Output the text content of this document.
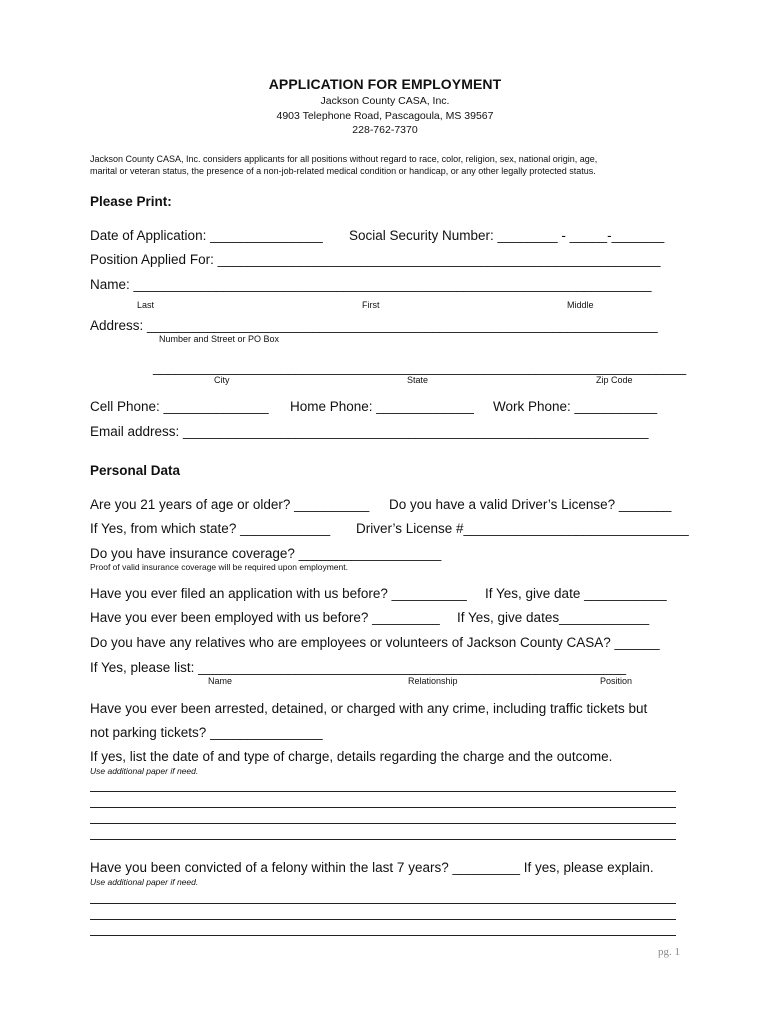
APPLICATION FOR EMPLOYMENT
Jackson County CASA, Inc.
4903 Telephone Road, Pascagoula, MS 39567
228-762-7370
Jackson County CASA, Inc. considers applicants for all positions without regard to race, color, religion, sex, national origin, age,
marital or veteran status, the presence of a non-job-related medical condition or handicap, or any other legally protected status.
Please Print:
Date of Application: _______________ Social Security Number: ________ - _____-_______
Position Applied For: ___________________________________________________________
Name: _____________________________________________________________________
Last	First	Middle
Address: ____________________________________________________________________
Number and Street or PO Box
_______________________________________________________________________
City	State	Zip Code
Cell Phone: ______________ Home Phone: _____________ Work Phone: ___________
Email address: ______________________________________________________________
Personal Data
Are you 21 years of age or older? __________ Do you have a valid Driver’s License? _______
If Yes, from which state? ____________ Driver’s License #______________________________
Do you have insurance coverage? ___________________
Proof of valid insurance coverage will be required upon employment.
Have you ever filed an application with us before? __________ If Yes, give date ___________
Have you ever been employed with us before? _________ If Yes, give dates____________
Do you have any relatives who are employees or volunteers of Jackson County CASA? ______
If Yes, please list: _________________________________________________________
Name	Relationship	Position
Have you ever been arrested, detained, or charged with any crime, including traffic tickets but
not parking tickets? _______________
If yes, list the date of and type of charge, details regarding the charge and the outcome.
Use additional paper if need.
Have you been convicted of a felony within the last 7 years? _________ If yes, please explain.
Use additional paper if need.
pg. 1
